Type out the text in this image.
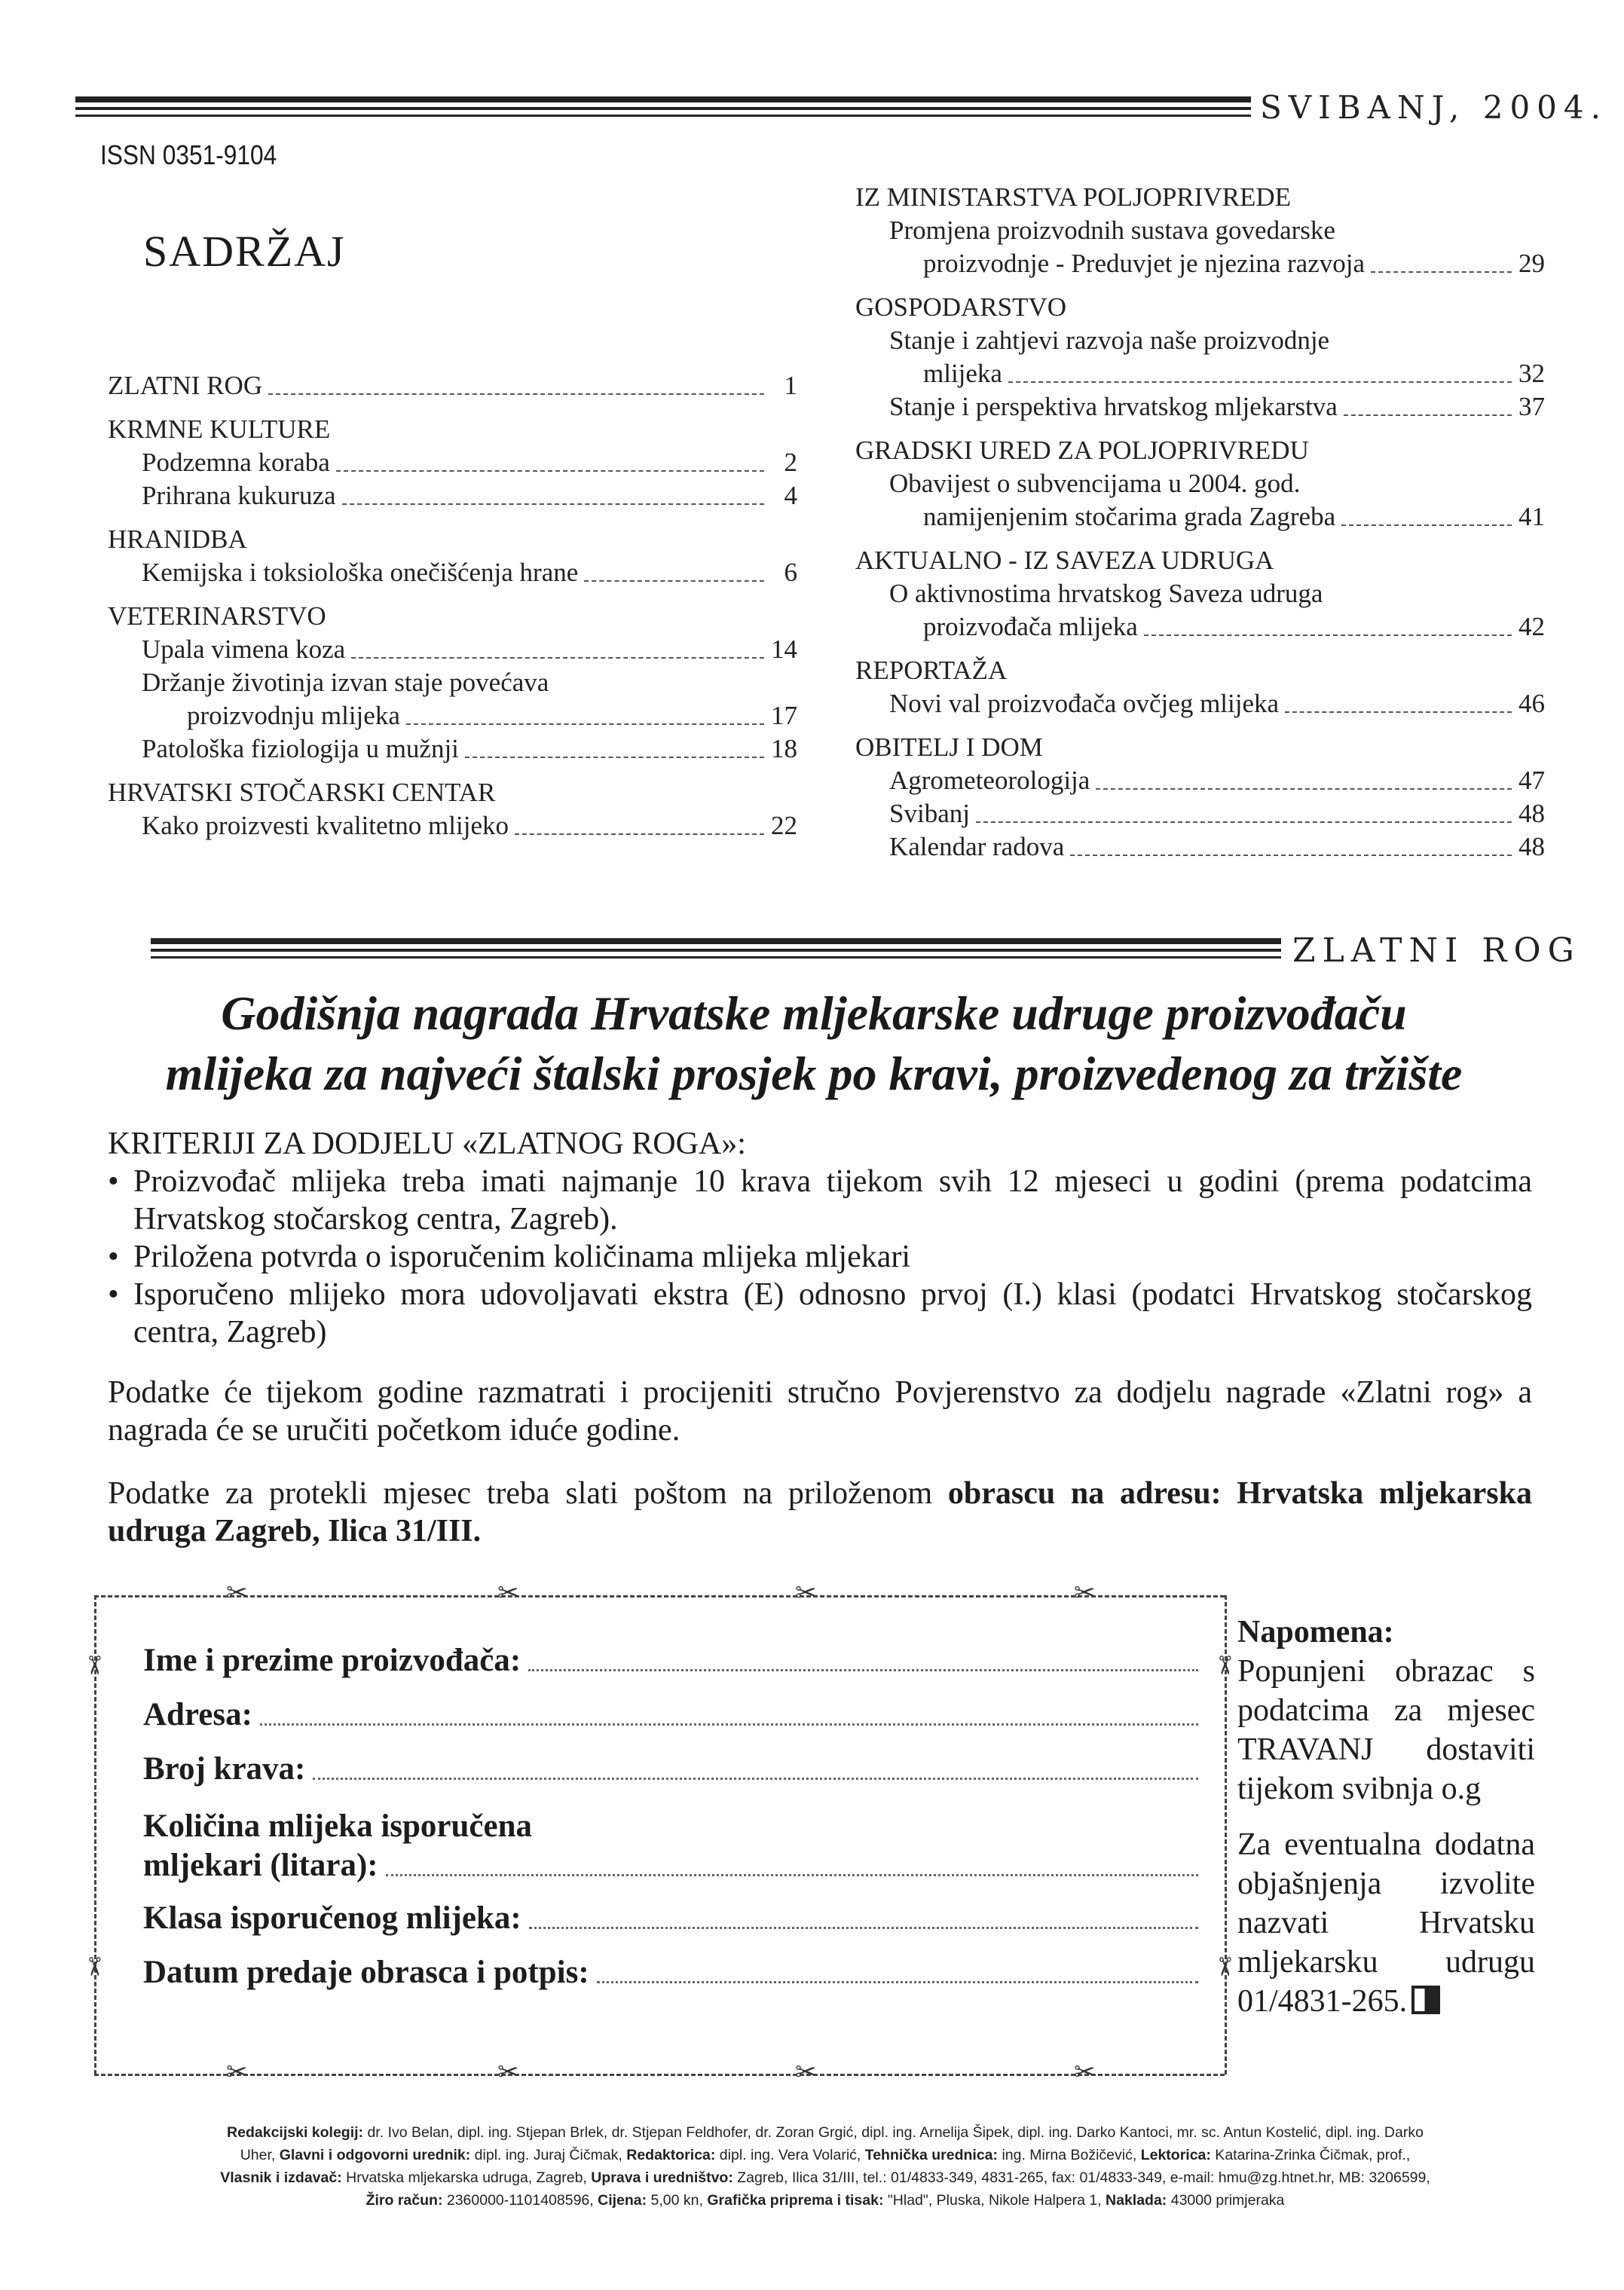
SVIBANJ, 2004.
ISSN 0351-9104
SADRŽAJ
ZLATNI ROG	1
KRMNE KULTURE
Podzemna koraba	2
Prihrana kukuruza	4
HRANIDBA
Kemijska i toksiološka onečišćenja hrane	6
VETERINARSTVO
Upala vimena koza	14
Držanje životinja izvan staje povećava
proizvodnju mlijeka	17
Patološka fiziologija u mužnji	18
HRVATSKI STOČARSKI CENTAR
Kako proizvesti kvalitetno mlijeko	22
IZ MINISTARSTVA POLJOPRIVREDE
Promjena proizvodnih sustava govedarske
proizvodnje - Preduvjet je njezina razvoja	29
GOSPODARSTVO
Stanje i zahtjevi razvoja naše proizvodnje
mlijeka	32
Stanje i perspektiva hrvatskog mljekarstva	37
GRADSKI URED ZA POLJOPRIVREDU
Obavijest o subvencijama u 2004. god.
namijenjenim stočarima grada Zagreba	41
AKTUALNO - IZ SAVEZA UDRUGA
O aktivnostima hrvatskog Saveza udruga
proizvođača mlijeka	42
REPORTAŽA
Novi val proizvođača ovčjeg mlijeka	46
OBITELJ I DOM
Agrometeorologija	47
Svibanj	48
Kalendar radova	48
ZLATNI ROG
Godišnja nagrada Hrvatske mljekarske udruge proizvođaču
mlijeka za najveći štalski prosjek po kravi, proizvedenog za tržište
KRITERIJI ZA DODJELU «ZLATNOG ROGA»:
• Proizvođač mlijeka treba imati najmanje 10 krava tijekom svih 12 mjeseci u godini (prema podatcima Hrvatskog stočarskog centra, Zagreb).
• Priložena potvrda o isporučenim količinama mlijeka mljekari
• Isporučeno mlijeko mora udovoljavati ekstra (E) odnosno prvoj (I.) klasi (podatci Hrvatskog stočarskog centra, Zagreb)

Podatke će tijekom godine razmatrati i procijeniti stručno Povjerenstvo za dodjelu nagrade «Zlatni rog» a nagrada će se uručiti početkom iduće godine.

Podatke za protekli mjesec treba slati poštom na priloženom obrascu na adresu: Hrvatska mljekarska udruga Zagreb, Ilica 31/III.

✂	✂	✂	✂
✂	✂	✂	✂
✂
✂
✂
✂
Ime i prezime proizvođača:
Adresa:
Broj krava:
Količina mlijeka isporučena
mljekari (litara):
Klasa isporučenog mlijeka:
Datum predaje obrasca i potpis:
Napomena:

Popunjeni obrazac s podatcima za mjesec TRAVANJ dostaviti tijekom svibnja o.g

Za eventualna dodatna objašnjenja izvolite nazvati Hrvatsku mljekarsku udrugu 01/4831-265.

Redakcijski kolegij: dr. Ivo Belan, dipl. ing. Stjepan Brlek, dr. Stjepan Feldhofer, dr. Zoran Grgić, dipl. ing. Arnelija Šipek, dipl. ing. Darko Kantoci, mr. sc. Antun Kostelić, dipl. ing. Darko
Uher, Glavni i odgovorni urednik: dipl. ing. Juraj Čičmak, Redaktorica: dipl. ing. Vera Volarić, Tehnička urednica: ing. Mirna Božičević, Lektorica: Katarina-Zrinka Čičmak, prof.,
Vlasnik i izdavač: Hrvatska mljekarska udruga, Zagreb, Uprava i uredništvo: Zagreb, Ilica 31/III, tel.: 01/4833-349, 4831-265, fax: 01/4833-349, e-mail: hmu@zg.htnet.hr, MB: 3206599,
Žiro račun: 2360000-1101408596, Cijena: 5,00 kn, Grafička priprema i tisak: "Hlad", Pluska, Nikole Halpera 1, Naklada: 43000 primjeraka
